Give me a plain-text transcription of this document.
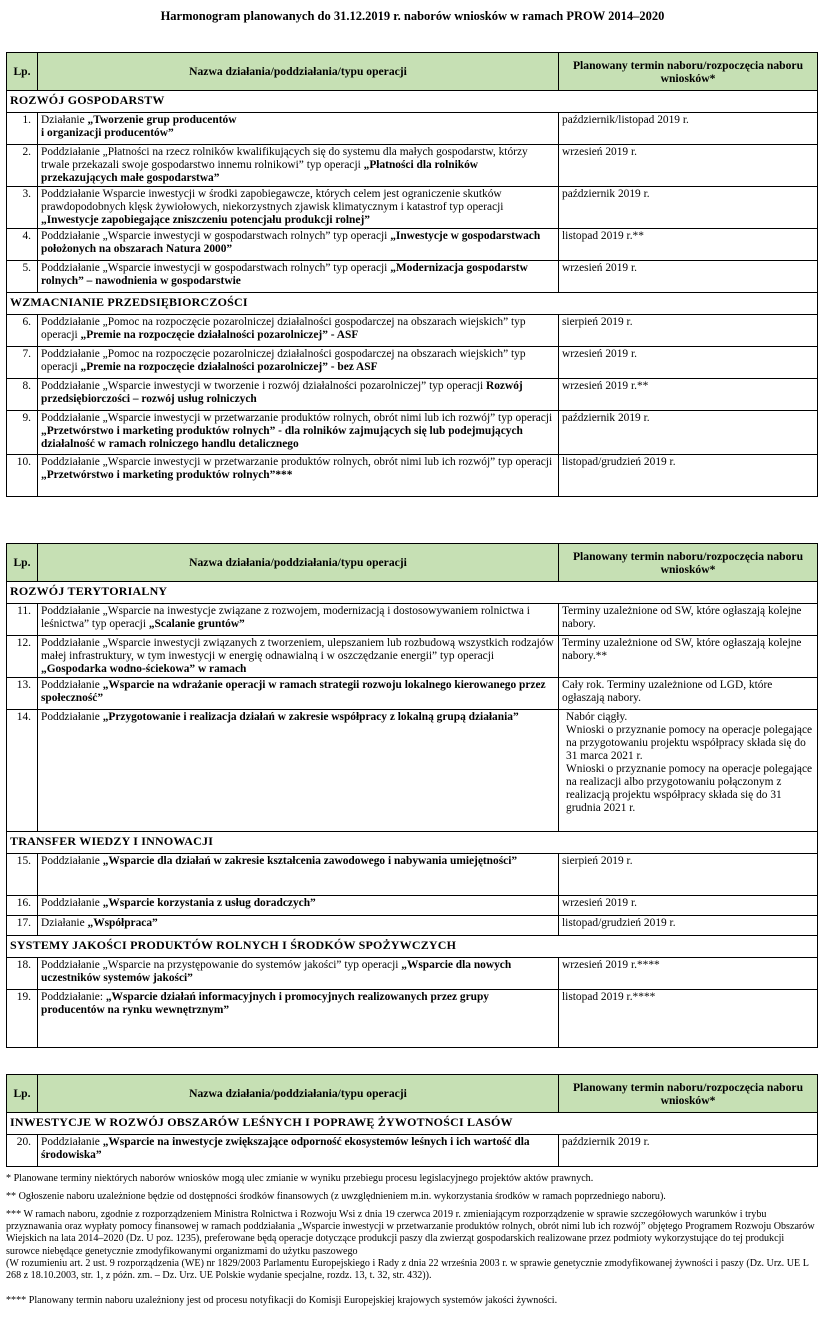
Harmonogram planowanych do 31.12.2019 r. naborów wniosków w ramach PROW 2014–2020
Lp.	Nazwa działania/poddziałania/typu operacji	Planowany termin naboru/rozpoczęcia naboru wniosków*
ROZWÓJ GOSPODARSTW		
1.	Działanie „Tworzenie grup producentów
i organizacji producentów”	październik/listopad 2019 r.
2.	Poddziałanie „Płatności na rzecz rolników kwalifikujących się do systemu dla małych gospodarstw, którzy trwale przekazali swoje gospodarstwo innemu rolnikowi” typ operacji „Płatności dla rolników przekazujących małe gospodarstwa”	wrzesień 2019 r.
3.	Poddziałanie Wsparcie inwestycji w środki zapobiegawcze, których celem jest ograniczenie skutków prawdopodobnych klęsk żywiołowych, niekorzystnych zjawisk klimatycznym i katastrof typ operacji „Inwestycje zapobiegające zniszczeniu potencjału produkcji rolnej”	październik 2019 r.
4.	Poddziałanie „Wsparcie inwestycji w gospodarstwach rolnych” typ operacji „Inwestycje w gospodarstwach położonych na obszarach Natura 2000”	listopad 2019 r.**
5.	Poddziałanie „Wsparcie inwestycji w gospodarstwach rolnych” typ operacji „Modernizacja gospodarstw rolnych” – nawodnienia w gospodarstwie	wrzesień 2019 r.
WZMACNIANIE PRZEDSIĘBIORCZOŚCI		
6.	Poddziałanie „Pomoc na rozpoczęcie pozarolniczej działalności gospodarczej na obszarach wiejskich” typ operacji „Premie na rozpoczęcie działalności pozarolniczej” - ASF	sierpień 2019 r.
7.	Poddziałanie „Pomoc na rozpoczęcie pozarolniczej działalności gospodarczej na obszarach wiejskich” typ operacji „Premie na rozpoczęcie działalności pozarolniczej” - bez ASF	wrzesień 2019 r.
8.	Poddziałanie „Wsparcie inwestycji w tworzenie i rozwój działalności pozarolniczej” typ operacji Rozwój przedsiębiorczości – rozwój usług rolniczych	wrzesień 2019 r.**
9.	Poddziałanie „Wsparcie inwestycji w przetwarzanie produktów rolnych, obrót nimi lub ich rozwój” typ operacji „Przetwórstwo i marketing produktów rolnych” - dla rolników zajmujących się lub podejmujących działalność w ramach rolniczego handlu detalicznego	październik 2019 r.
10.	Poddziałanie „Wsparcie inwestycji w przetwarzanie produktów rolnych, obrót nimi lub ich rozwój” typ operacji „Przetwórstwo i marketing produktów rolnych”***	listopad/grudzień 2019 r.
Lp.	Nazwa działania/poddziałania/typu operacji	Planowany termin naboru/rozpoczęcia naboru wniosków*
ROZWÓJ TERYTORIALNY		
11.	Poddziałanie „Wsparcie na inwestycje związane z rozwojem, modernizacją i dostosowywaniem rolnictwa i leśnictwa” typ operacji „Scalanie gruntów”	Terminy uzależnione od SW, które ogłaszają kolejne nabory.
12.	Poddziałanie „Wsparcie inwestycji związanych z tworzeniem, ulepszaniem lub rozbudową wszystkich rodzajów małej infrastruktury, w tym inwestycji w energię odnawialną i w oszczędzanie energii” typ operacji „Gospodarka wodno-ściekowa” w ramach	Terminy uzależnione od SW, które ogłaszają kolejne nabory.**
13.	Poddziałanie „Wsparcie na wdrażanie operacji w ramach strategii rozwoju lokalnego kierowanego przez społeczność”	Cały rok. Terminy uzależnione od LGD, które ogłaszają nabory.
14.	Poddziałanie „Przygotowanie i realizacja działań w zakresie współpracy z lokalną grupą działania”	Nabór ciągły.
Wnioski o przyznanie pomocy na operacje polegające na przygotowaniu projektu współpracy składa się do 31 marca 2021 r.
Wnioski o przyznanie pomocy na operacje polegające na realizacji albo przygotowaniu połączonym z realizacją projektu współpracy składa się do 31 grudnia 2021 r.

TRANSFER WIEDZY I INNOWACJI		
15.	Poddziałanie „Wsparcie dla działań w zakresie kształcenia zawodowego i nabywania umiejętności”	sierpień 2019 r.
16.	Poddziałanie „Wsparcie korzystania z usług doradczych”	wrzesień 2019 r.
17.	Działanie „Współpraca”	listopad/grudzień 2019 r.
SYSTEMY JAKOŚCI PRODUKTÓW ROLNYCH I ŚRODKÓW SPOŻYWCZYCH		
18.	Poddziałanie „Wsparcie na przystępowanie do systemów jakości” typ operacji „Wsparcie dla nowych uczestników systemów jakości”	wrzesień 2019 r.****
19.	Poddziałanie: „Wsparcie działań informacyjnych i promocyjnych realizowanych przez grupy producentów na rynku wewnętrznym”	listopad 2019 r.****
Lp.	Nazwa działania/poddziałania/typu operacji	Planowany termin naboru/rozpoczęcia naboru wniosków*
INWESTYCJE W ROZWÓJ OBSZARÓW LEŚNYCH I POPRAWĘ ŻYWOTNOŚCI LASÓW		
20.	Poddziałanie „Wsparcie na inwestycje zwiększające odporność ekosystemów leśnych i ich wartość dla środowiska”	październik 2019 r.
* Planowane terminy niektórych naborów wniosków mogą ulec zmianie w wyniku przebiegu procesu legislacyjnego projektów aktów prawnych.
** Ogłoszenie naboru uzależnione będzie od dostępności środków finansowych (z uwzględnieniem m.in. wykorzystania środków w ramach poprzedniego naboru).
*** W ramach naboru, zgodnie z rozporządzeniem Ministra Rolnictwa i Rozwoju Wsi z dnia 19 czerwca 2019 r. zmieniającym rozporządzenie w sprawie szczegółowych warunków i trybu przyznawania oraz wypłaty pomocy finansowej w ramach poddziałania „Wsparcie inwestycji w przetwarzanie produktów rolnych, obrót nimi lub ich rozwój” objętego Programem Rozwoju Obszarów Wiejskich na lata 2014–2020 (Dz. U poz. 1235), preferowane będą operacje dotyczące produkcji paszy dla zwierząt gospodarskich realizowane przez podmioty wykorzystujące do tej produkcji surowce niebędące genetycznie zmodyfikowanymi organizmami do użytku paszowego
(W rozumieniu art. 2 ust. 9 rozporządzenia (WE) nr 1829/2003 Parlamentu Europejskiego i Rady z dnia 22 września 2003 r. w sprawie genetycznie zmodyfikowanej żywności i paszy (Dz. Urz. UE L 268 z 18.10.2003, str. 1, z późn. zm. – Dz. Urz. UE Polskie wydanie specjalne, rozdz. 13, t. 32, str. 432)).
**** Planowany termin naboru uzależniony jest od procesu notyfikacji do Komisji Europejskiej krajowych systemów jakości żywności.
